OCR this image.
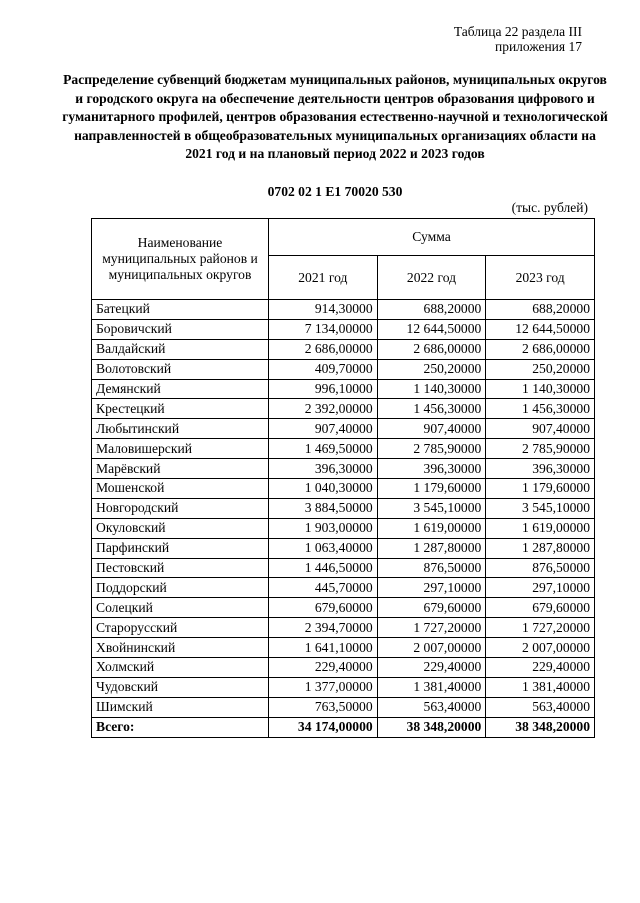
Таблица 22 раздела III
приложения 17
Распределение субвенций бюджетам муниципальных районов, муниципальных округов и городского округа на обеспечение деятельности центров образования цифрового и гуманитарного профилей, центров образования естественно-научной и технологической направленностей в общеобразовательных муниципальных организациях области на 2021 год и на плановый период 2022 и 2023 годов
0702 02 1 Е1 70020 530
(тыс. рублей)
Наименование муниципальных районов и муниципальных округов	Сумма		
	2021 год	2022 год	2023 год
Батецкий	914,30000	688,20000	688,20000
Боровичский	7 134,00000	12 644,50000	12 644,50000
Валдайский	2 686,00000	2 686,00000	2 686,00000
Волотовский	409,70000	250,20000	250,20000
Демянский	996,10000	1 140,30000	1 140,30000
Крестецкий	2 392,00000	1 456,30000	1 456,30000
Любытинский	907,40000	907,40000	907,40000
Маловишерский	1 469,50000	2 785,90000	2 785,90000
Марёвский	396,30000	396,30000	396,30000
Мошенской	1 040,30000	1 179,60000	1 179,60000
Новгородский	3 884,50000	3 545,10000	3 545,10000
Окуловский	1 903,00000	1 619,00000	1 619,00000
Парфинский	1 063,40000	1 287,80000	1 287,80000
Пестовский	1 446,50000	876,50000	876,50000
Поддорский	445,70000	297,10000	297,10000
Солецкий	679,60000	679,60000	679,60000
Старорусский	2 394,70000	1 727,20000	1 727,20000
Хвойнинский	1 641,10000	2 007,00000	2 007,00000
Холмский	229,40000	229,40000	229,40000
Чудовский	1 377,00000	1 381,40000	1 381,40000
Шимский	763,50000	563,40000	563,40000
Всего:	34 174,00000	38 348,20000	38 348,20000
